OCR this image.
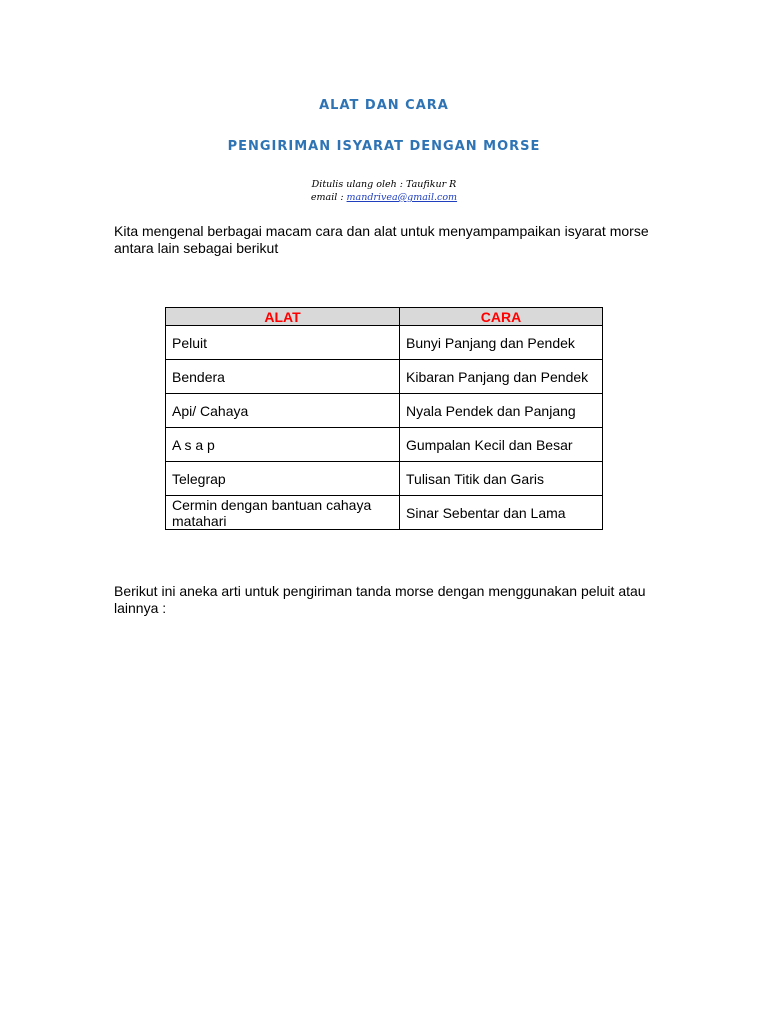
ALAT DAN CARA
PENGIRIMAN ISYARAT DENGAN MORSE
Ditulis ulang oleh : Taufikur R
email : mandrivea@gmail.com

Kita mengenal berbagai macam cara dan alat untuk menyampampaikan isyarat morse antara lain sebagai berikut

ALAT	CARA
Peluit	Bunyi Panjang dan Pendek
Bendera	Kibaran Panjang dan Pendek
Api/ Cahaya	Nyala Pendek dan Panjang
A s a p	Gumpalan Kecil dan Besar
Telegrap	Tulisan Titik dan Garis
Cermin dengan bantuan cahaya matahari	Sinar Sebentar dan Lama

Berikut ini aneka arti untuk pengiriman tanda morse dengan menggunakan peluit atau lainnya :
